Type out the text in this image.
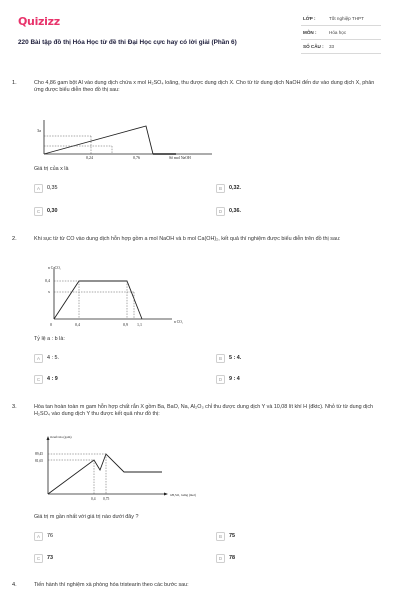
Quizizz
220 Bài tập đồ thị Hóa Học từ đề thi Đại Học cực hay có lời giải (Phần 6)
LỚP :	Tốt nghiệp THPT
MÔN :	Hóa học
SỐ CÂU : 33
1.	Cho 4,86 gam bột Al vào dung dịch chứa x mol H₂SO₄ loãng, thu được dung dịch X. Cho từ từ dung dịch NaOH đến dư vào dung dịch X, phản ứng được biểu diễn theo đồ thị sau:
3a
0,24	0,76	Số mol NaOH
Giá trị của x là
A	0,35	B	0,32.
C	0,30	D	0,36.
2.	Khi sục từ từ CO vào dung dịch hỗn hợp gồm a mol NaOH và b mol Ca(OH)₂, kết quả thí nghiệm được biểu diễn trên đồ thị sau:
n CaCO₃
0,4
x
0	0,4	0,9 1,1	n CO₂
Tỷ lệ a : b là:
A	4 : 5.	B	5 : 4.
C	4 : 9	D	9 : 4
3.	Hòa tan hoàn toàn m gam hỗn hợp chất rắn X gồm Ba, BaO, Na, Al₂O₃ chỉ thu được dung dịch Y và 10,08 lít khí H (đktc). Nhỏ từ từ dung dịch H₂SO₄ vào dung dịch Y thu được kết quả như đồ thị:
m kết tủa (gam)
89,45
81,65
0,4 0,75
nH₂SO₄ loãng (mol)
Giá trị m gần nhất với giá trị nào dưới đây ?
A	76	B	75
C	73	D	78
4.	Tiến hành thí nghiệm xà phòng hóa tristearin theo các bước sau:
